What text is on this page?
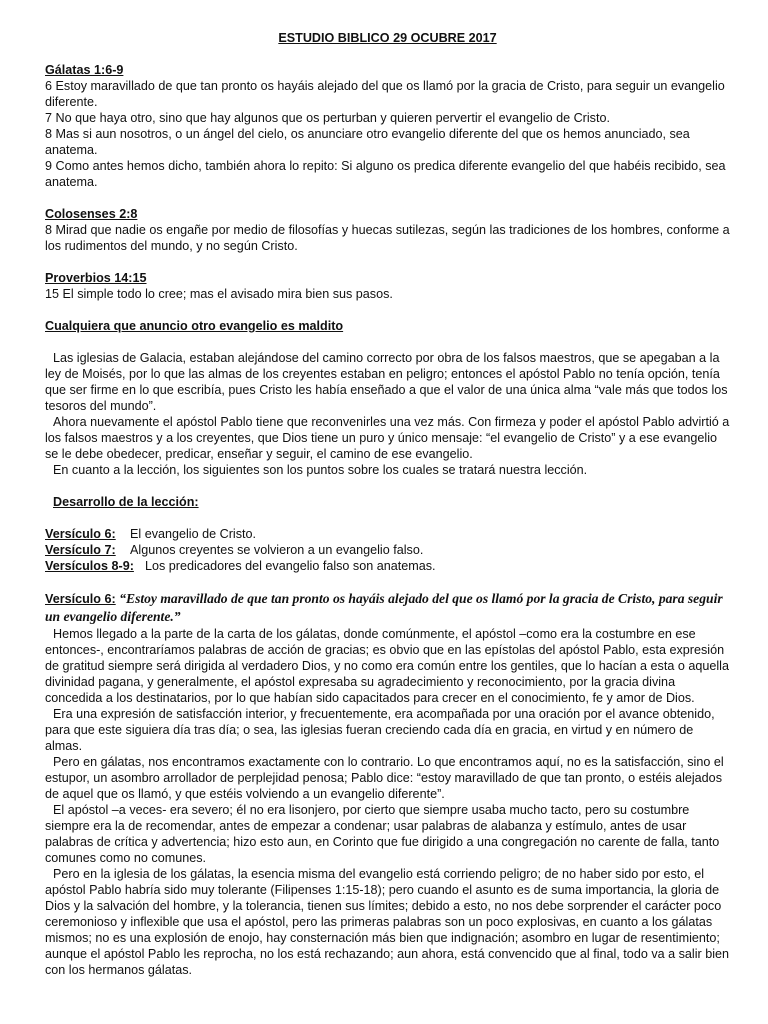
ESTUDIO BIBLICO 29 OCUBRE 2017
Gálatas 1:6-9

6 Estoy maravillado de que tan pronto os hayáis alejado del que os llamó por la gracia de Cristo, para seguir un evangelio diferente.

7 No que haya otro, sino que hay algunos que os perturban y quieren pervertir el evangelio de Cristo.

8 Mas si aun nosotros, o un ángel del cielo, os anunciare otro evangelio diferente del que os hemos anunciado, sea anatema.

9 Como antes hemos dicho, también ahora lo repito: Si alguno os predica diferente evangelio del que habéis recibido, sea anatema.

Colosenses 2:8

8 Mirad que nadie os engañe por medio de filosofías y huecas sutilezas, según las tradiciones de los hombres, conforme a los rudimentos del mundo, y no según Cristo.

Proverbios 14:15

15 El simple todo lo cree; mas el avisado mira bien sus pasos.

Cualquiera que anuncio otro evangelio es maldito

Las iglesias de Galacia, estaban alejándose del camino correcto por obra de los falsos maestros, que se apegaban a la ley de Moisés, por lo que las almas de los creyentes estaban en peligro; entonces el apóstol Pablo no tenía opción, tenía que ser firme en lo que escribía, pues Cristo les había enseñado a que el valor de una única alma “vale más que todos los tesoros del mundo”.

Ahora nuevamente el apóstol Pablo tiene que reconvenirles una vez más. Con firmeza y poder el apóstol Pablo advirtió a los falsos maestros y a los creyentes, que Dios tiene un puro y único mensaje: “el evangelio de Cristo” y a ese evangelio se le debe obedecer, predicar, enseñar y seguir, el camino de ese evangelio.

En cuanto a la lección, los siguientes son los puntos sobre los cuales se tratará nuestra lección.

Desarrollo de la lección:
Versículo 6:	El evangelio de Cristo.
Versículo 7:	Algunos creyentes se volvieron a un evangelio falso.
Versículos 8-9: Los predicadores del evangelio falso son anatemas.

Versículo 6: “Estoy maravillado de que tan pronto os hayáis alejado del que os llamó por la gracia de Cristo, para seguir un evangelio diferente.”

Hemos llegado a la parte de la carta de los gálatas, donde comúnmente, el apóstol –como era la costumbre en ese entonces-, encontraríamos palabras de acción de gracias; es obvio que en las epístolas del apóstol Pablo, esta expresión de gratitud siempre será dirigida al verdadero Dios, y no como era común entre los gentiles, que lo hacían a esta o aquella divinidad pagana, y generalmente, el apóstol expresaba su agradecimiento y reconocimiento, por la gracia divina concedida a los destinatarios, por lo que habían sido capacitados para crecer en el conocimiento, fe y amor de Dios.

Era una expresión de satisfacción interior, y frecuentemente, era acompañada por una oración por el avance obtenido, para que este siguiera día tras día; o sea, las iglesias fueran creciendo cada día en gracia, en virtud y en número de almas.

Pero en gálatas, nos encontramos exactamente con lo contrario. Lo que encontramos aquí, no es la satisfacción, sino el estupor, un asombro arrollador de perplejidad penosa; Pablo dice: “estoy maravillado de que tan pronto, o estéis alejados de aquel que os llamó, y que estéis volviendo a un evangelio diferente”.

El apóstol –a veces- era severo; él no era lisonjero, por cierto que siempre usaba mucho tacto, pero su costumbre siempre era la de recomendar, antes de empezar a condenar; usar palabras de alabanza y estímulo, antes de usar palabras de crítica y advertencia; hizo esto aun, en Corinto que fue dirigido a una congregación no carente de falla, tanto comunes como no comunes.

Pero en la iglesia de los gálatas, la esencia misma del evangelio está corriendo peligro; de no haber sido por esto, el apóstol Pablo habría sido muy tolerante (Filipenses 1:15-18); pero cuando el asunto es de suma importancia, la gloria de Dios y la salvación del hombre, y la tolerancia, tienen sus límites; debido a esto, no nos debe sorprender el carácter poco ceremonioso y inflexible que usa el apóstol, pero las primeras palabras son un poco explosivas, en cuanto a los gálatas mismos; no es una explosión de enojo, hay consternación más bien que indignación; asombro en lugar de resentimiento; aunque el apóstol Pablo les reprocha, no los está rechazando; aun ahora, está convencido que al final, todo va a salir bien con los hermanos gálatas.
